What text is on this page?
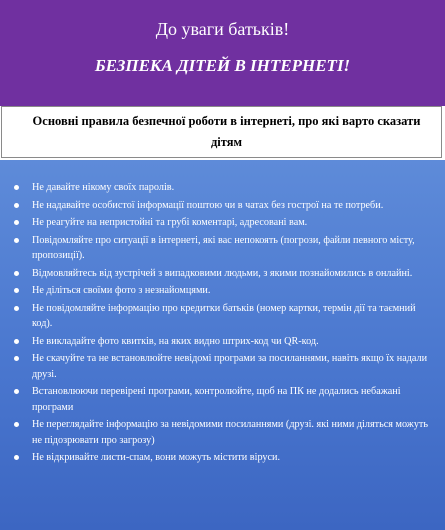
До уваги батьків!
БЕЗПЕКА ДІТЕЙ В ІНТЕРНЕТІ!
Основні правила безпечної роботи в інтернеті, про які варто сказати дітям
Не давайте нікому своїх паролів.
Не надавайте особистої інформації поштою чи в чатах без гострої на те потреби.
Не реагуйте на непристойні та грубі коментарі, адресовані вам.
Повідомляйте про ситуації в інтернеті, які вас непокоять (погрози, файли певного місту, пропозиції).
Відмовляйтесь від зустрічей з випадковими людьми, з якими познайомились в онлайні.
Не діліться своїми фото з незнайомцями.
Не повідомляйте інформацію про кредитки батьків (номер картки, термін дії та таємний код).
Не викладайте фото квитків, на яких видно штрих-код чи QR-код.
Не скачуйте та не встановлюйте невідомі програми за посиланнями, навіть якщо їх надали друзі.
Встановлюючи перевірені програми, контролюйте, щоб на ПК не додались небажані програми
Не переглядайте інформацію за невідомими посиланнями (друзі. які ними діляться можуть не підозрювати про загрозу)
Не відкривайте листи-спам, вони можуть містити віруси.
